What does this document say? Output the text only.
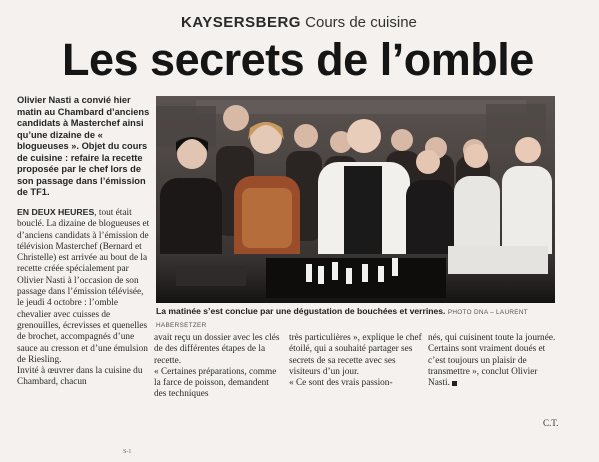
KAYSERSBERG Cours de cuisine
Les secrets de l’omble
Olivier Nasti a convié hier matin au Chambard d’anciens candidats à Masterchef ainsi qu’une dizaine de « blogueuses ». Objet du cours de cuisine : refaire la recette proposée par le chef lors de son passage dans l’émission de TF1.

EN DEUX HEURES, tout était bouclé. La dizaine de blogueuses et d’anciens candidats à l’émission de télévision Masterchef (Bernard et Christelle) est arrivée au bout de la recette créée spécialement par Olivier Nasti à l’occasion de son passage dans l’émission télévisée, le jeudi 4 octobre : l’omble chevalier avec cuisses de grenouilles, écrevisses et quenelles de brochet, accompagnés d’une sauce au cresson et d’une émulsion de Riesling.

Invité à œuvrer dans la cuisine du Chambard, chacun

avait reçu un dossier avec les clés de des différentes étapes de la recette.

« Certaines préparations, comme la farce de poisson, demandent des techniques

très particulières », explique le chef étoilé, qui a souhaité partager ses secrets de sa recette avec ses visiteurs d’un jour.

« Ce sont des vrais passion-

nés, qui cuisinent toute la journée. Certains sont vraiment doués et c’est toujours un plaisir de transmettre », conclut Olivier Nasti.

La matinée s’est conclue par une dégustation de bouchées et verrines. PHOTO DNA – LAURENT HABERSETZER
C.T.
S-1
